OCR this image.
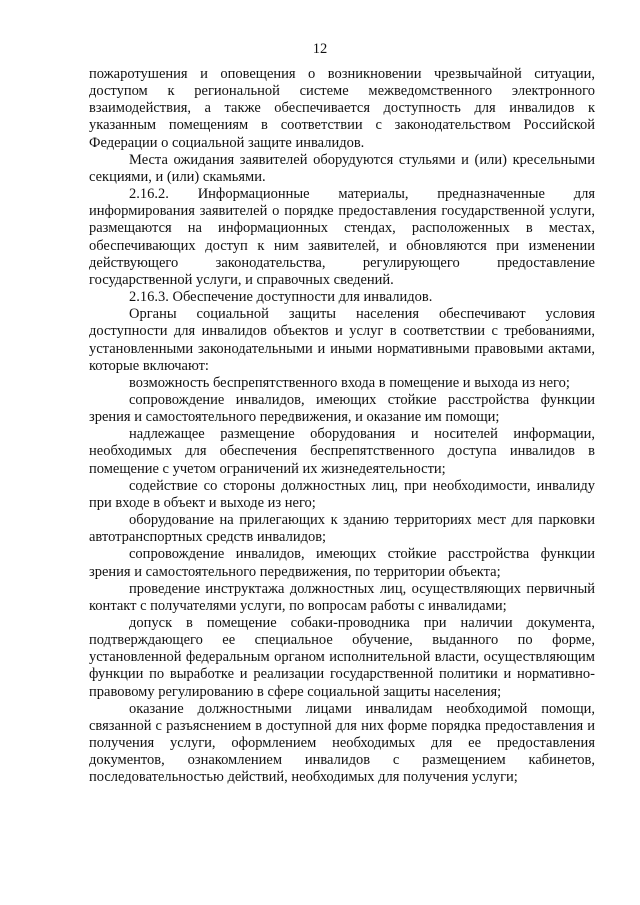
12

пожаротушения и оповещения о возникновении чрезвычайной ситуации, доступом к региональной системе межведомственного электронного взаимодействия, а также обеспечивается доступность для инвалидов к указанным помещениям в соответствии с законодательством Российской Федерации о социальной защите инвалидов.

Места ожидания заявителей оборудуются стульями и (или) кресельными секциями, и (или) скамьями.

2.16.2. Информационные материалы, предназначенные для информирования заявителей о порядке предоставления государственной услуги, размещаются на информационных стендах, расположенных в местах, обеспечивающих доступ к ним заявителей, и обновляются при изменении действующего законодательства, регулирующего предоставление государственной услуги, и справочных сведений.

2.16.3. Обеспечение доступности для инвалидов.

Органы социальной защиты населения обеспечивают условия доступности для инвалидов объектов и услуг в соответствии с требованиями, установленными законодательными и иными нормативными правовыми актами, которые включают:

возможность беспрепятственного входа в помещение и выхода из него;

сопровождение инвалидов, имеющих стойкие расстройства функции зрения и самостоятельного передвижения, и оказание им помощи;

надлежащее размещение оборудования и носителей информации, необходимых для обеспечения беспрепятственного доступа инвалидов в помещение с учетом ограничений их жизнедеятельности;

содействие со стороны должностных лиц, при необходимости, инвалиду при входе в объект и выходе из него;

оборудование на прилегающих к зданию территориях мест для парковки автотранспортных средств инвалидов;

сопровождение инвалидов, имеющих стойкие расстройства функции зрения и самостоятельного передвижения, по территории объекта;

проведение инструктажа должностных лиц, осуществляющих первичный контакт с получателями услуги, по вопросам работы с инвалидами;

допуск в помещение собаки-проводника при наличии документа, подтверждающего ее специальное обучение, выданного по форме, установленной федеральным органом исполнительной власти, осуществляющим функции по выработке и реализации государственной политики и нормативно-правовому регулированию в сфере социальной защиты населения;

оказание должностными лицами инвалидам необходимой помощи, связанной с разъяснением в доступной для них форме порядка предоставления и получения услуги, оформлением необходимых для ее предоставления документов, ознакомлением инвалидов с размещением кабинетов, последовательностью действий, необходимых для получения услуги;
